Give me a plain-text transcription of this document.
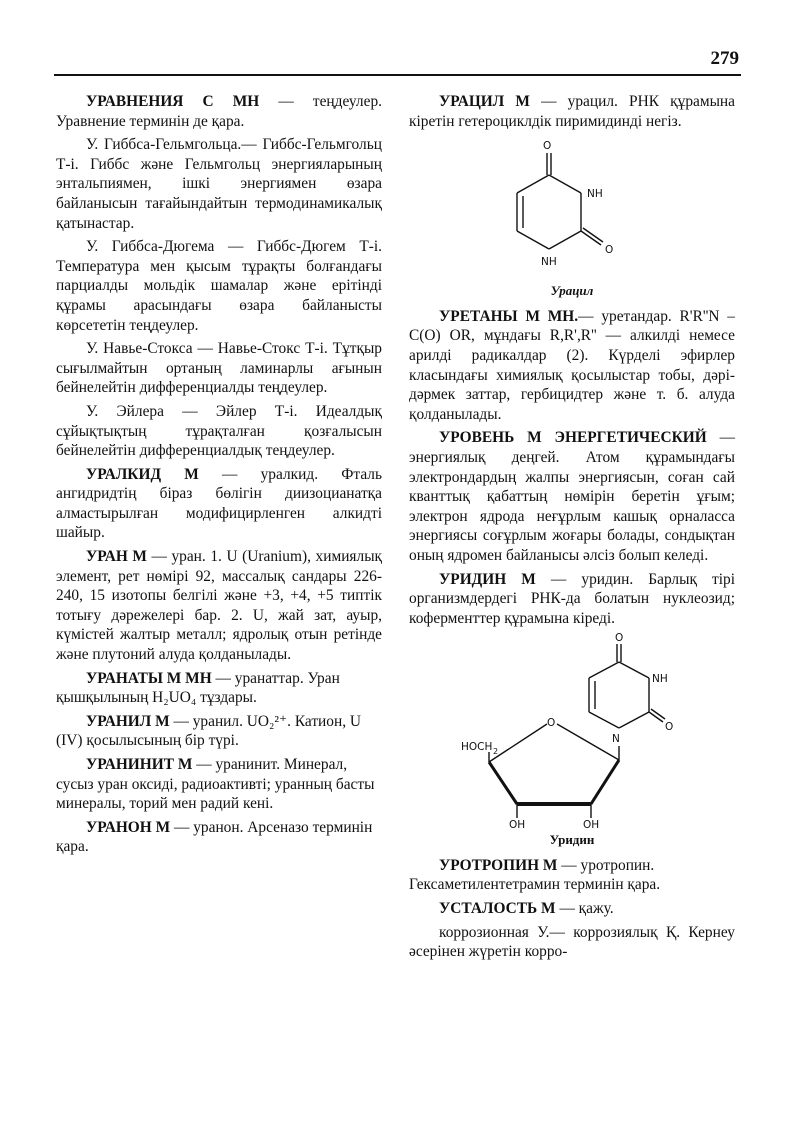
279

УРАВНЕНИЯ С МН — теңдеулер. Уравнение терминін де қара.

У. Гиббса-Гельмгольца.— Гиббс-Гельмгольц Т-і. Гиббс және Гельмгольц энергияларының энтальпиямен, ішкі энергиямен өзара байланысын тағайындайтын термодинамикалық қатынастар.

У. Гиббса-Дюгема — Гиббс-Дюгем Т-і. Температура мен қысым тұрақты болғандағы парциалды мольдік шамалар және ерітінді құрамы арасындағы өзара байланысты көрсететін теңдеулер.

У. Навье-Стокса — Навье-Стокс Т-і. Тұтқыр сығылмайтын ортаның ламинарлы ағынын бейнелейтін дифференциалды теңдеулер.

У. Эйлера — Эйлер Т-і. Идеалдық сұйықтықтың тұрақталған қозғалысын бейнелейтін дифференциалдық теңдеулер.

УРАЛКИД М — уралкид. Фталь ангидридтің біраз бөлігін диизоцианатқа алмастырылған модифицирленген алкидті шайыр.

УРАН М — уран. 1. U (Uranium), химиялық элемент, рет нөмірі 92, массалық сандары 226-240, 15 изотопы белгілі және +3, +4, +5 типтік тотығу дәрежелері бар. 2. U, жай зат, ауыр, күмістей жалтыр металл; ядролық отын ретінде және плутоний алуда қолданылады.

УРАНАТЫ М МН — уранаттар. Уран қышқылының H₂UO₄ тұздары.

УРАНИЛ М — уранил. UO₂²⁺. Катион, U (IV) қосылысының бір түрі.

УРАНИНИТ М — уранинит. Минерал, сусыз уран оксиді, радиоактивті; уранның басты минералы, торий мен радий кені.

УРАНОН М — уранон. Арсеназо терминін қара.

УРАЦИЛ М — урацил. РНК құрамына кіретін гетероциклдік пиримидинді негіз.

O
NH
O
NH
Урацил

УРЕТАНЫ М МН.— уретандар. R'R''N – C(O) OR, мұндағы R,R',R'' — алкилді немесе арилді радикалдар (2). Күрделі эфирлер класындағы химиялық қосылыстар тобы, дәрі-дәрмек заттар, гербицидтер және т. б. алуда қолданылады.

УРОВЕНЬ М ЭНЕРГЕТИЧЕСКИЙ — энергиялық деңгей. Атом құрамындағы электрондардың жалпы энергиясын, соған сай кванттық қабаттың нөмірін беретін ұғым; электрон ядрода неғұрлым кашық орналасса энергиясы соғұрлым жоғары болады, сондықтан оның ядромен байланысы әлсіз болып келеді.

УРИДИН М — уридин. Барлық тірі организмдердегі РНК-да болатын нуклеозид; коферменттер құрамына кіреді.

O
NH
O
N
O
HOCH 2
OH	OH
Уридин

УРОТРОПИН М — уротропин. Гексаметилентетрамин терминін қара.

УСТАЛОСТЬ М — қажу.

коррозионная У.— коррозиялық Қ. Кернеу әсерінен жүретін корро-
